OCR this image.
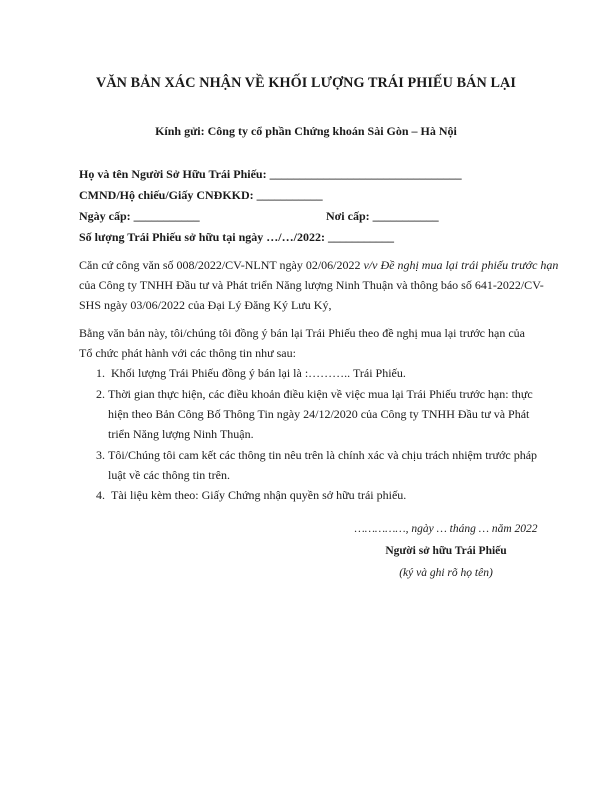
VĂN BẢN XÁC NHẬN VỀ KHỐI LƯỢNG TRÁI PHIẾU BÁN LẠI
Kính gửi: Công ty cổ phần Chứng khoán Sài Gòn – Hà Nội
Họ và tên Người Sở Hữu Trái Phiếu: ________________________________
CMND/Hộ chiếu/Giấy CNĐKKD: ___________
Ngày cấp: ___________	Nơi cấp: ___________
Số lượng Trái Phiếu sở hữu tại ngày …/…/2022: ___________
Căn cứ công văn số 008/2022/CV-NLNT ngày 02/06/2022 v/v Đề nghị mua lại trái phiếu trước hạn
của Công ty TNHH Đầu tư và Phát triển Năng lượng Ninh Thuận và thông báo số 641-2022/CV-
SHS ngày 03/06/2022 của Đại Lý Đăng Ký Lưu Ký,
Bằng văn bản này, tôi/chúng tôi đồng ý bán lại Trái Phiếu theo đề nghị mua lại trước hạn của
Tổ chức phát hành với các thông tin như sau:
1. Khối lượng Trái Phiếu đồng ý bán lại là :……….. Trái Phiếu.
2. Thời gian thực hiện, các điều khoản điều kiện về việc mua lại Trái Phiếu trước hạn: thực
hiện theo Bản Công Bố Thông Tin ngày 24/12/2020 của Công ty TNHH Đầu tư và Phát
triển Năng lượng Ninh Thuận.
3. Tôi/Chúng tôi cam kết các thông tin nêu trên là chính xác và chịu trách nhiệm trước pháp
luật về các thông tin trên.
4. Tài liệu kèm theo: Giấy Chứng nhận quyền sở hữu trái phiếu.
……………, ngày … tháng … năm 2022
Người sở hữu Trái Phiếu
(ký và ghi rõ họ tên)
